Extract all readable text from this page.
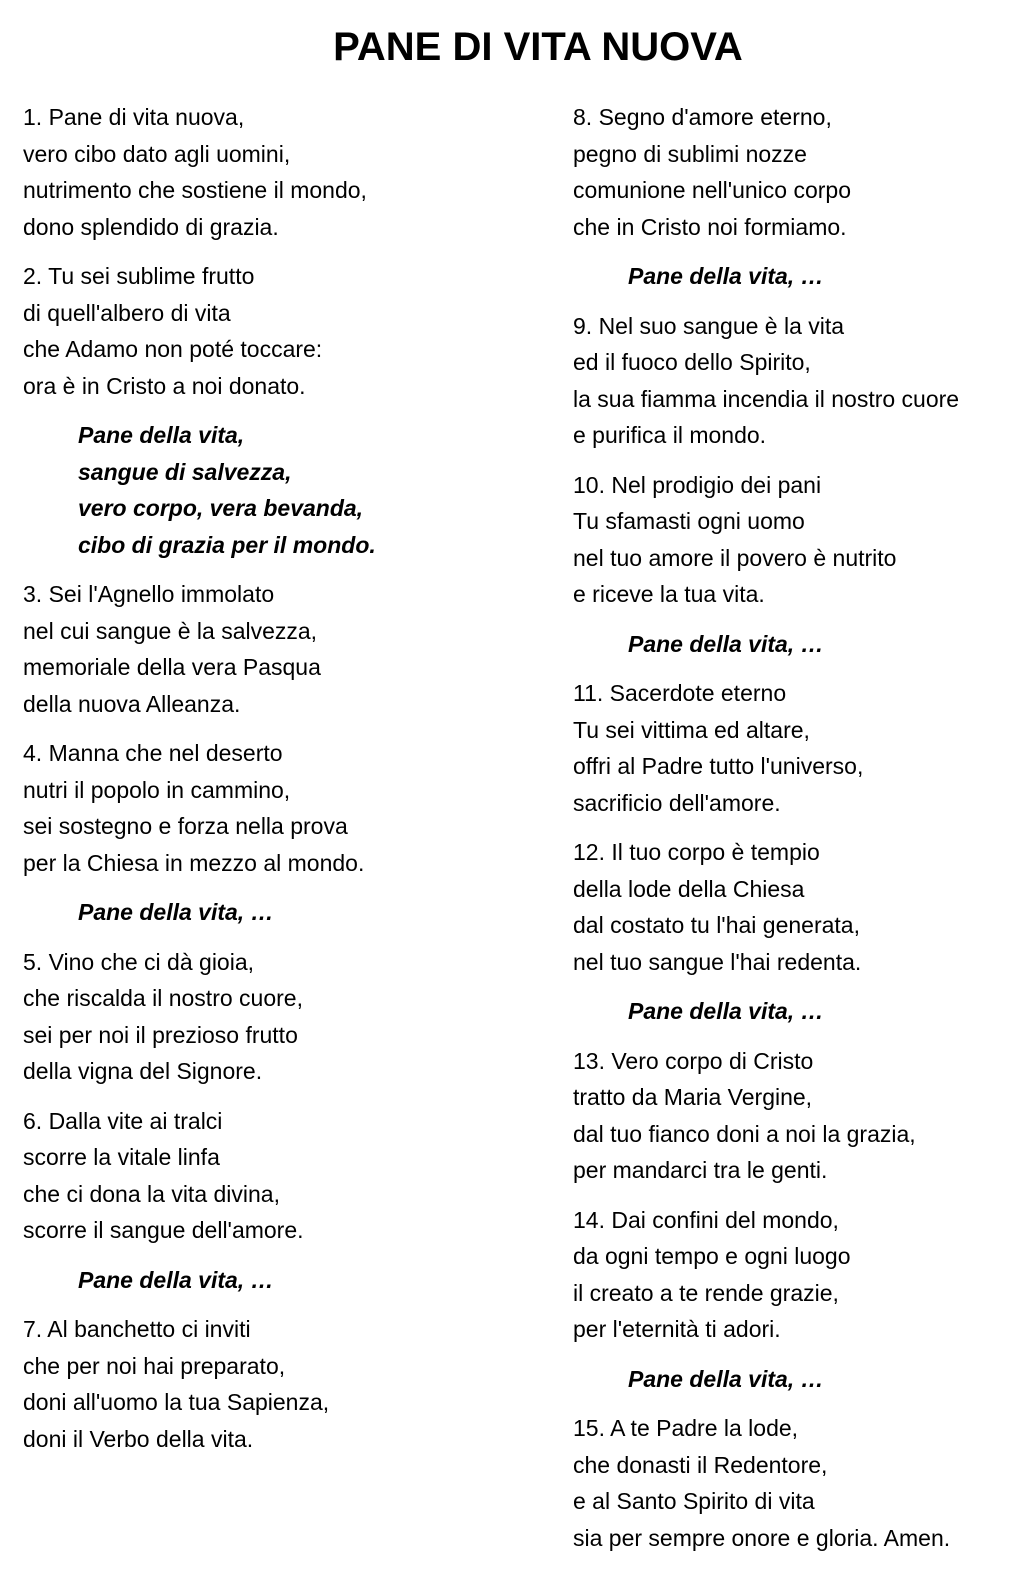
PANE DI VITA NUOVA
1. Pane di vita nuova,
vero cibo dato agli uomini,
nutrimento che sostiene il mondo,
dono splendido di grazia.
2. Tu sei sublime frutto
di quell'albero di vita
che Adamo non poté toccare:
ora è in Cristo a noi donato.
Pane della vita,
sangue di salvezza,
vero corpo, vera bevanda,
cibo di grazia per il mondo.
3. Sei l'Agnello immolato
nel cui sangue è la salvezza,
memoriale della vera Pasqua
della nuova Alleanza.
4. Manna che nel deserto
nutri il popolo in cammino,
sei sostegno e forza nella prova
per la Chiesa in mezzo al mondo.
Pane della vita, …
5. Vino che ci dà gioia,
che riscalda il nostro cuore,
sei per noi il prezioso frutto
della vigna del Signore.
6. Dalla vite ai tralci
scorre la vitale linfa
che ci dona la vita divina,
scorre il sangue dell'amore.
Pane della vita, …
7. Al banchetto ci inviti
che per noi hai preparato,
doni all'uomo la tua Sapienza,
doni il Verbo della vita.
8. Segno d'amore eterno,
pegno di sublimi nozze
comunione nell'unico corpo
che in Cristo noi formiamo.
Pane della vita, …
9. Nel suo sangue è la vita
ed il fuoco dello Spirito,
la sua fiamma incendia il nostro cuore
e purifica il mondo.
10. Nel prodigio dei pani
Tu sfamasti ogni uomo
nel tuo amore il povero è nutrito
e riceve la tua vita.
Pane della vita, …
11. Sacerdote eterno
Tu sei vittima ed altare,
offri al Padre tutto l'universo,
sacrificio dell'amore.
12. Il tuo corpo è tempio
della lode della Chiesa
dal costato tu l'hai generata,
nel tuo sangue l'hai redenta.
Pane della vita, …
13. Vero corpo di Cristo
tratto da Maria Vergine,
dal tuo fianco doni a noi la grazia,
per mandarci tra le genti.
14. Dai confini del mondo,
da ogni tempo e ogni luogo
il creato a te rende grazie,
per l'eternità ti adori.
Pane della vita, …
15. A te Padre la lode,
che donasti il Redentore,
e al Santo Spirito di vita
sia per sempre onore e gloria. Amen.
